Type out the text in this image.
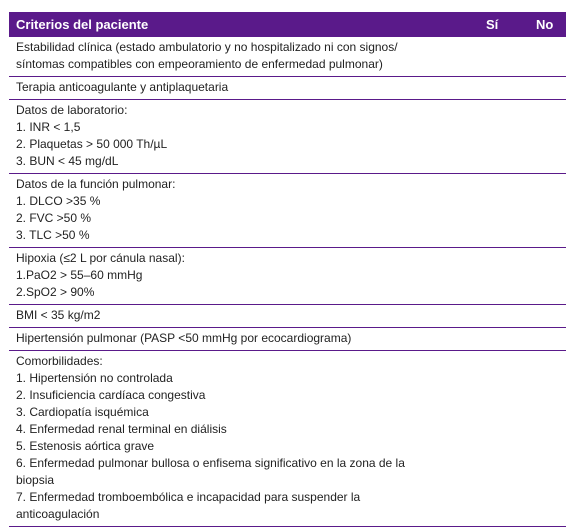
Criterios del paciente	Sí	No
Estabilidad clínica (estado ambulatorio y no hospitalizado ni con signos/
síntomas compatibles con empeoramiento de enfermedad pulmonar)
Terapia anticoagulante y antiplaquetaria
Datos de laboratorio:
1. INR < 1,5
2. Plaquetas > 50 000 Th/µL
3. BUN < 45 mg/dL
Datos de la función pulmonar:
1. DLCO >35 %
2. FVC >50 %
3. TLC >50 %
Hipoxia (≤2 L por cánula nasal):
1.PaO2 > 55–60 mmHg
2.SpO2 > 90%
BMI < 35 kg/m2
Hipertensión pulmonar (PASP <50 mmHg por ecocardiograma)
Comorbilidades:
1. Hipertensión no controlada
2. Insuficiencia cardíaca congestiva
3. Cardiopatía isquémica
4. Enfermedad renal terminal en diálisis
5. Estenosis aórtica grave
6. Enfermedad pulmonar bullosa o enfisema significativo en la zona de la
biopsia
7. Enfermedad tromboembólica e incapacidad para suspender la
anticoagulación
